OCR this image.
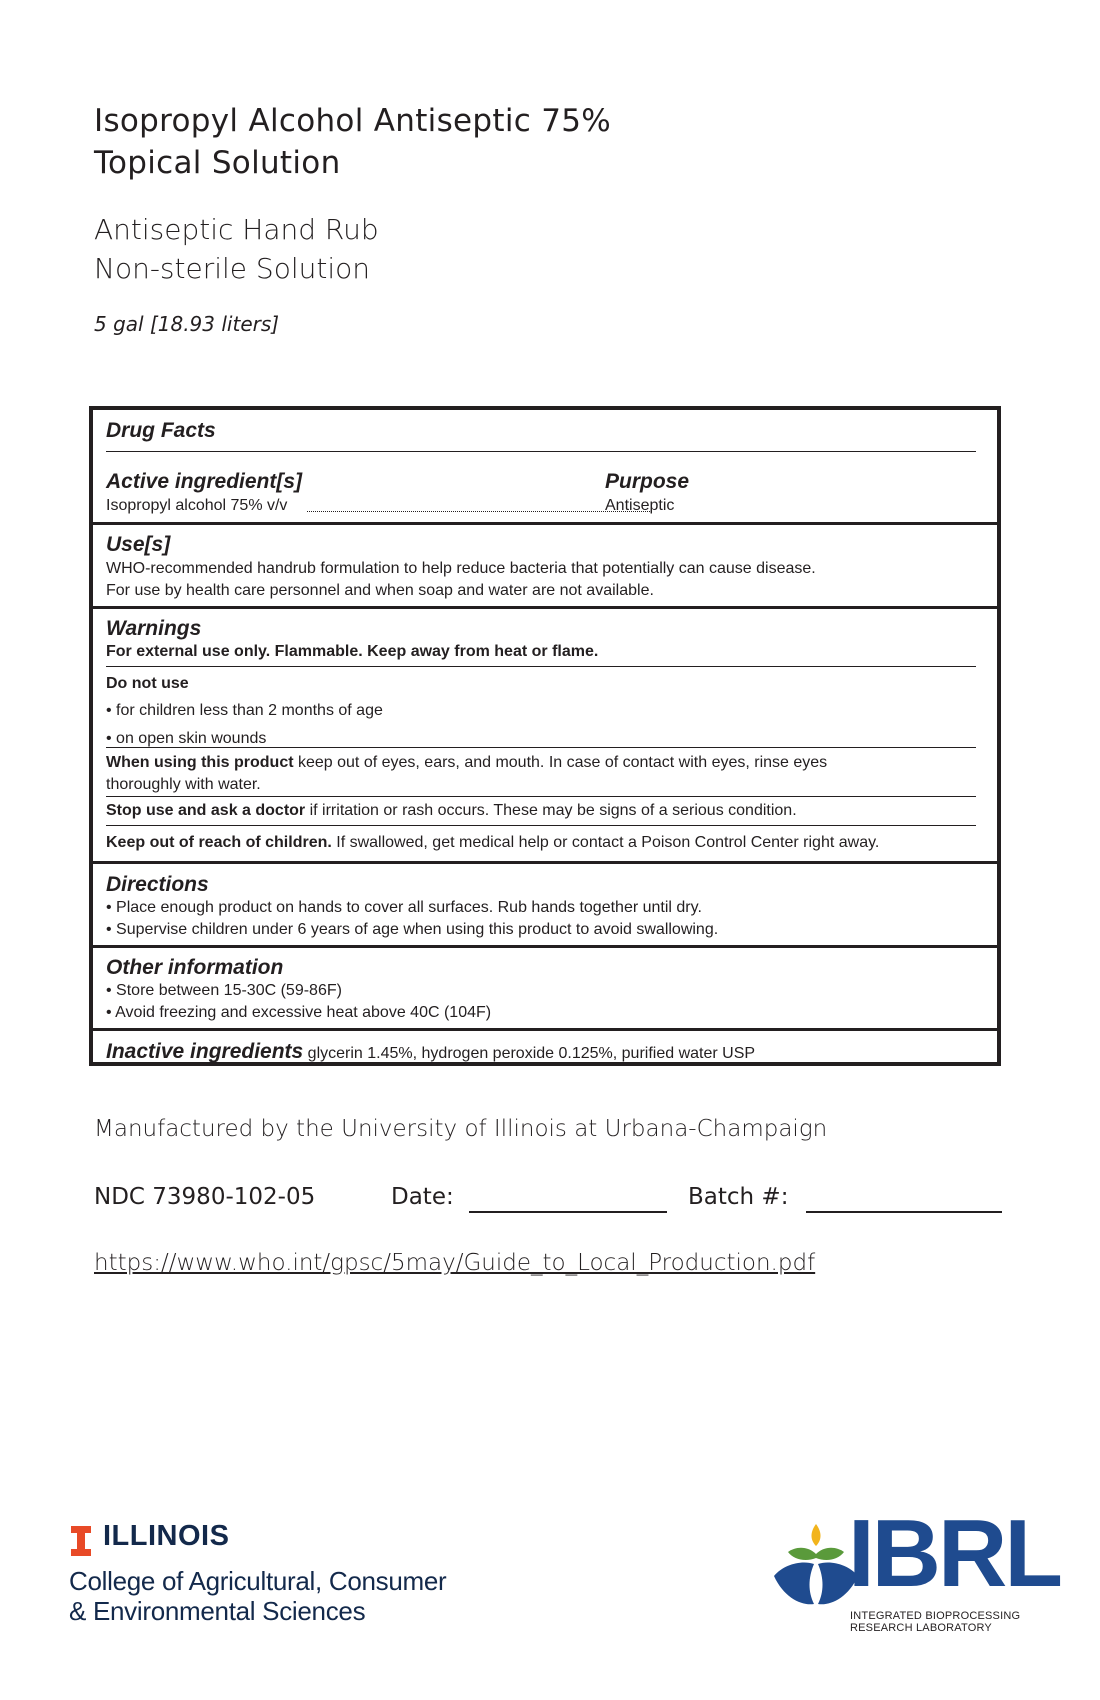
Isopropyl Alcohol Antiseptic 75%
Topical Solution
Antiseptic Hand Rub
Non-sterile Solution
5 gal [18.93 liters]
Drug Facts
Active ingredient[s]
Isopropyl alcohol 75% v/v
Purpose
Antiseptic
Use[s]
WHO-recommended handrub formulation to help reduce bacteria that potentially can cause disease.
For use by health care personnel and when soap and water are not available.
Warnings
For external use only. Flammable. Keep away from heat or flame.
Do not use
• for children less than 2 months of age
• on open skin wounds
When using this product keep out of eyes, ears, and mouth. In case of contact with eyes, rinse eyes
thoroughly with water.
Stop use and ask a doctor if irritation or rash occurs. These may be signs of a serious condition.
Keep out of reach of children. If swallowed, get medical help or contact a Poison Control Center right away.
Directions
• Place enough product on hands to cover all surfaces. Rub hands together until dry.
• Supervise children under 6 years of age when using this product to avoid swallowing.
Other information
• Store between 15-30C (59-86F)
• Avoid freezing and excessive heat above 40C (104F)
Inactive ingredients glycerin 1.45%, hydrogen peroxide 0.125%, purified water USP
Manufactured by the University of Illinois at Urbana-Champaign
NDC 73980-102-05	Date:	Batch #:
https://www.who.int/gpsc/5may/Guide_to_Local_Production.pdf
ILLINOIS
College of Agricultural, Consumer
& Environmental Sciences
IBRL
INTEGRATED BIOPROCESSING
RESEARCH LABORATORY
